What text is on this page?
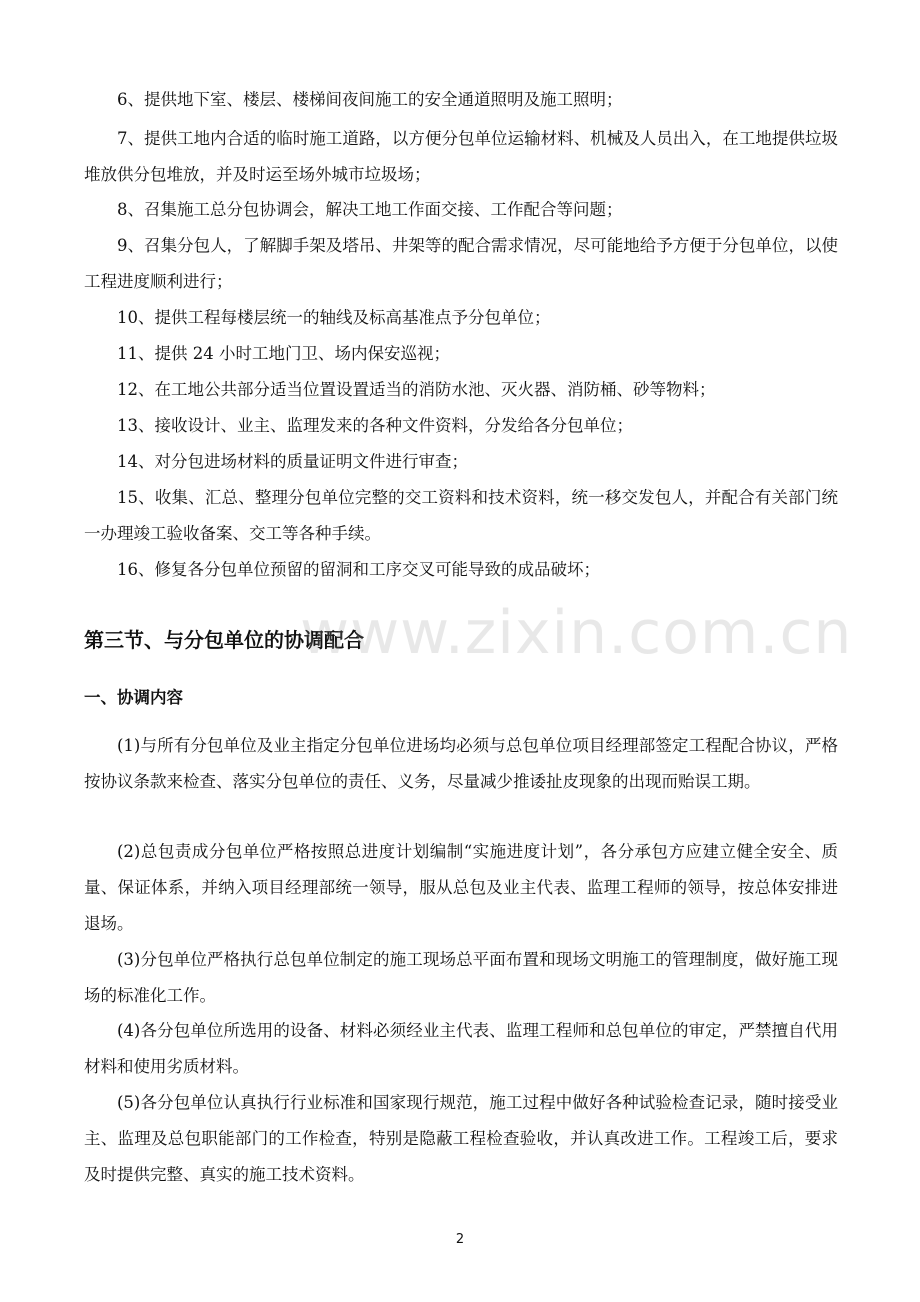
6、提供地下室、楼层、楼梯间夜间施工的安全通道照明及施工照明；

7、提供工地内合适的临时施工道路，以方便分包单位运输材料、机械及人员出入，在工地提供垃圾堆放供分包堆放，并及时运至场外城市垃圾场；

8、召集施工总分包协调会，解决工地工作面交接、工作配合等问题；

9、召集分包人，了解脚手架及塔吊、井架等的配合需求情况，尽可能地给予方便于分包单位，以使工程进度顺利进行；

10、提供工程每楼层统一的轴线及标高基准点予分包单位；

11、提供 24 小时工地门卫、场内保安巡视；

12、在工地公共部分适当位置设置适当的消防水池、灭火器、消防桶、砂等物料；

13、接收设计、业主、监理发来的各种文件资料，分发给各分包单位；

14、对分包进场材料的质量证明文件进行审查；

15、收集、汇总、整理分包单位完整的交工资料和技术资料，统一移交发包人，并配合有关部门统一办理竣工验收备案、交工等各种手续。

16、修复各分包单位预留的留洞和工序交叉可能导致的成品破坏；

第三节、与分包单位的协调配合
一、协调内容

(1)与所有分包单位及业主指定分包单位进场均必须与总包单位项目经理部签定工程配合协议，严格按协议条款来检查、落实分包单位的责任、义务，尽量减少推诿扯皮现象的出现而贻误工期。

(2)总包责成分包单位严格按照总进度计划编制“实施进度计划”，各分承包方应建立健全安全、质量、保证体系，并纳入项目经理部统一领导，服从总包及业主代表、监理工程师的领导，按总体安排进退场。

(3)分包单位严格执行总包单位制定的施工现场总平面布置和现场文明施工的管理制度，做好施工现场的标准化工作。

(4)各分包单位所选用的设备、材料必须经业主代表、监理工程师和总包单位的审定，严禁擅自代用材料和使用劣质材料。

(5)各分包单位认真执行行业标准和国家现行规范，施工过程中做好各种试验检查记录，随时接受业主、监理及总包职能部门的工作检查，特别是隐蔽工程检查验收，并认真改进工作。工程竣工后，要求及时提供完整、真实的施工技术资料。

www.zixin.com.cn
2
